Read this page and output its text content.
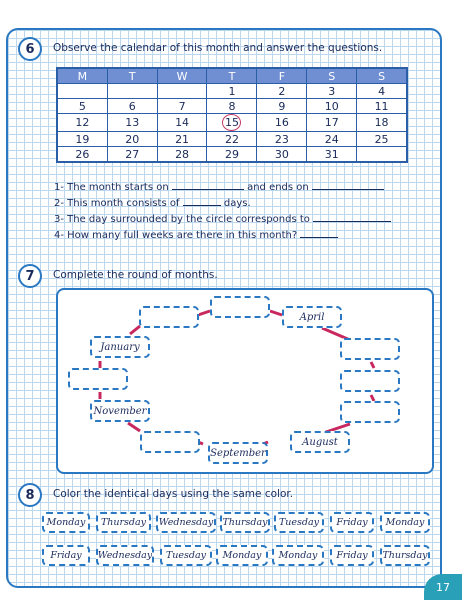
6	Observe the calendar of this month and answer the questions.
M	T	W	T	F	S	S
			1	2	3	4
5	6	7	8	9	10	11
12	13	14	15	16	17	18
19	20	21	22	23	24	25
26	27	28	29	30	31	
1- The month starts on	and ends on
2- This month consists of	days.
3- The day surrounded by the circle corresponds to
4- How many full weeks are there in this month?
7	Complete the round of months.
April
August
September
November
January
8	Color the identical days using the same color.
Monday	Thursday	Wednesday Thursday	Tuesday	Friday	Monday
Friday	Wednesday	Tuesday	Monday	Monday	Friday	Thursday
17
